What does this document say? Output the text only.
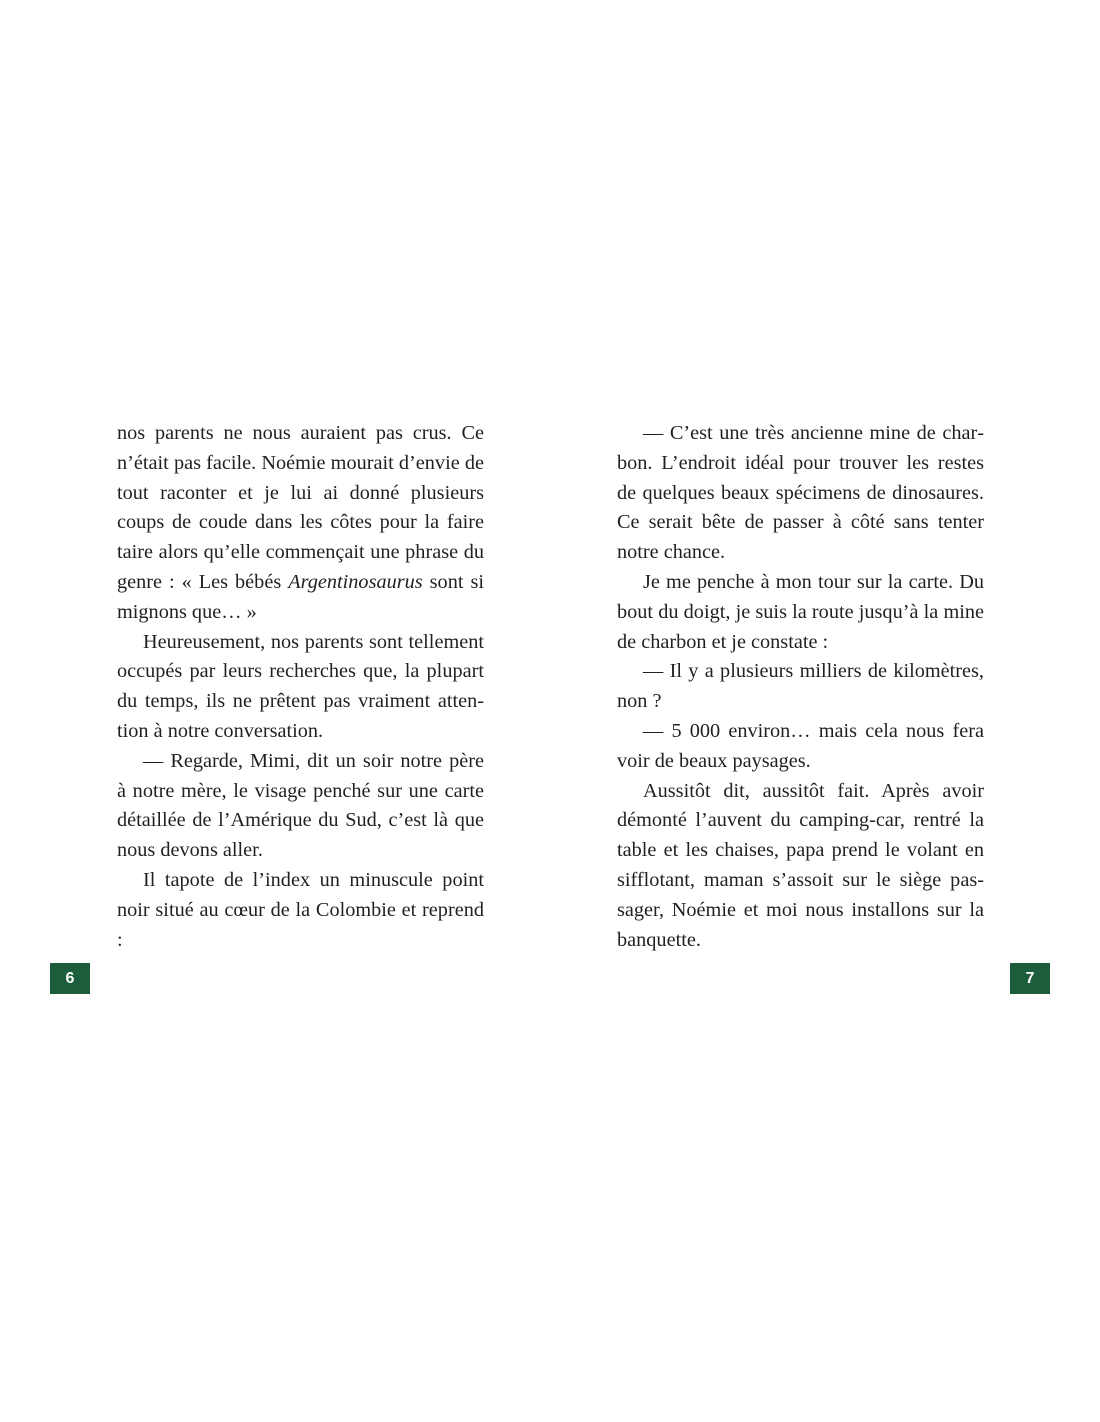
nos parents ne nous auraient pas crus. Ce n’était pas facile. Noémie mourait d’envie de tout raconter et je lui ai donné plusieurs coups de coude dans les côtes pour la faire taire alors qu’elle commençait une phrase du genre : « Les bébés Argentinosaurus sont si mignons que… »

Heureusement, nos parents sont tellement occupés par leurs recherches que, la plupart du temps, ils ne prêtent pas vraiment attention à notre conversation.

— Regarde, Mimi, dit un soir notre père à notre mère, le visage penché sur une carte détaillée de l’Amérique du Sud, c’est là que nous devons aller.

Il tapote de l’index un minuscule point noir situé au cœur de la Colombie et reprend :

— C’est une très ancienne mine de charbon. L’endroit idéal pour trouver les restes de quelques beaux spécimens de dinosaures. Ce serait bête de passer à côté sans tenter notre chance.

Je me penche à mon tour sur la carte. Du bout du doigt, je suis la route jusqu’à la mine de charbon et je constate :

— Il y a plusieurs milliers de kilomètres, non ?

— 5 000 environ… mais cela nous fera voir de beaux paysages.

Aussitôt dit, aussitôt fait. Après avoir démonté l’auvent du camping-car, rentré la table et les chaises, papa prend le volant en sifflotant, maman s’assoit sur le siège passager, Noémie et moi nous installons sur la banquette.

6	7
